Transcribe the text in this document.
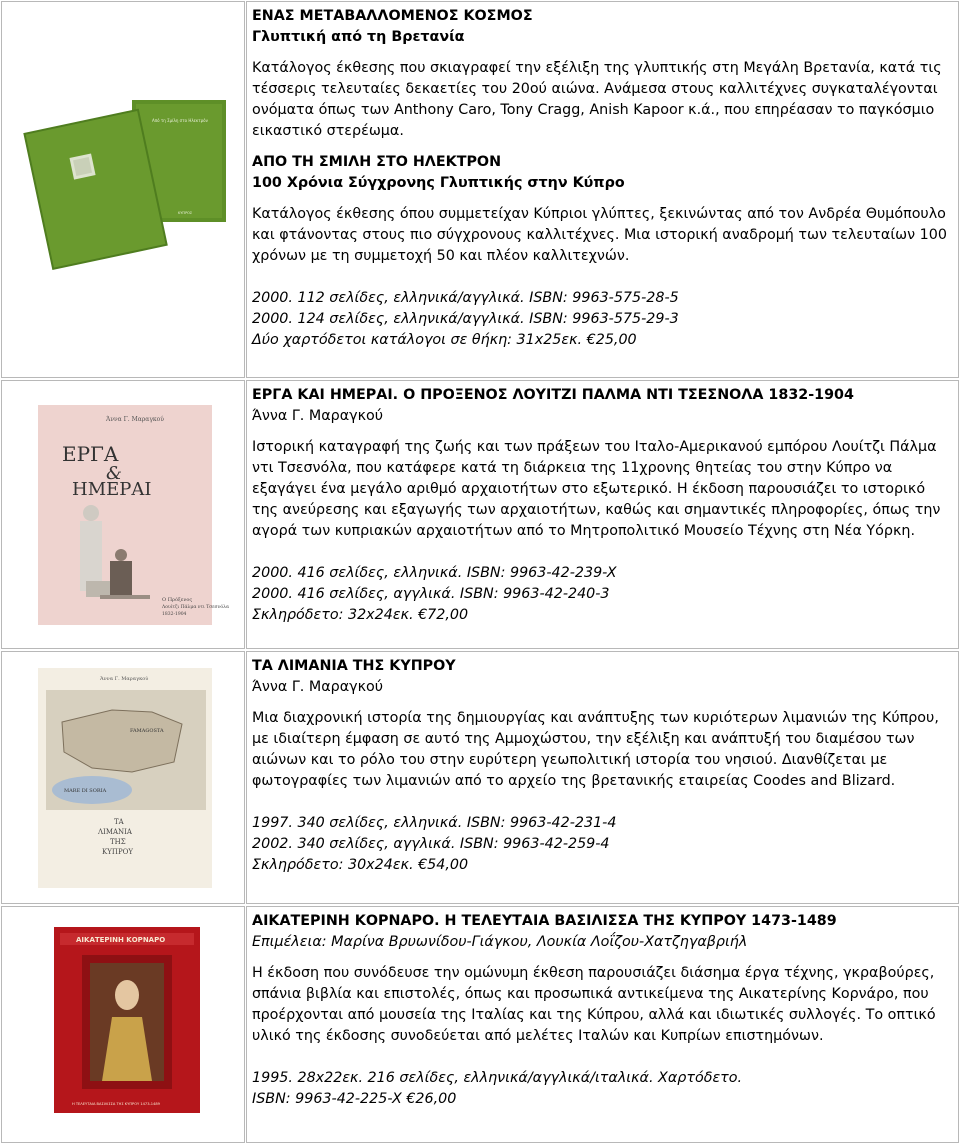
Από τη Σμίλη στο Ηλεκτρόν
ΚΥΠΡΟΣ
ΕΝΑΣ ΜΕΤΑΒΑΛΛΟΜΕΝΟΣ ΚΟΣΜΟΣ
Γλυπτική από τη Βρετανία
Κατάλογος έκθεσης που σκιαγραφεί την εξέλιξη της γλυπτικής στη Μεγάλη Βρετανία, κατά τις τέσσερις τελευταίες δεκαετίες του 20ού αιώνα. Ανάμεσα στους καλλιτέχνες συγκαταλέγονται ονόματα όπως των Anthony Caro, Tony Cragg, Anish Kapoor κ.ά., που επηρέασαν το παγκόσμιο εικαστικό στερέωμα.
ΑΠΟ ΤΗ ΣΜΙΛΗ ΣΤΟ ΗΛΕΚΤΡΟΝ
100 Χρόνια Σύγχρονης Γλυπτικής στην Κύπρο
Κατάλογος έκθεσης όπου συμμετείχαν Κύπριοι γλύπτες, ξεκινώντας από τον Ανδρέα Θυμόπουλο και φτάνοντας στους πιο σύγχρονους καλλιτέχνες. Μια ιστορική αναδρομή των τελευταίων 100 χρόνων με τη συμμετοχή 50 και πλέον καλλιτεχνών.
2000. 112 σελίδες, ελληνικά/αγγλικά. ISBN: 9963-575-28-5
2000. 124 σελίδες, ελληνικά/αγγλικά. ISBN: 9963-575-29-3
Δύο χαρτόδετοι κατάλογοι σε θήκη: 31x25εκ. €25,00
Άννα Γ. Μαραγκού
ΕΡΓΑ
&
ΗΜΕΡΑΙ
Ο Πρόξενος
Λουίτζι Πάλμα ντι Τσεσνόλα
1832-1904
ΕΡΓΑ ΚΑΙ ΗΜΕΡΑΙ. Ο ΠΡΟΞΕΝΟΣ ΛΟΥΙΤΖΙ ΠΑΛΜΑ ΝΤΙ ΤΣΕΣΝΟΛΑ 1832-1904
Άννα Γ. Μαραγκού
Ιστορική καταγραφή της ζωής και των πράξεων του Ιταλο-Αμερικανού εμπόρου Λουίτζι Πάλμα ντι Τσεσνόλα, που κατάφερε κατά τη διάρκεια της 11χρονης θητείας του στην Κύπρο να εξαγάγει ένα μεγάλο αριθμό αρχαιοτήτων στο εξωτερικό. Η έκδοση παρουσιάζει το ιστορικό της ανεύρεσης και εξαγωγής των αρχαιοτήτων, καθώς και σημαντικές πληροφορίες, όπως την αγορά των κυπριακών αρχαιοτήτων από το Μητροπολιτικό Μουσείο Τέχνης στη Νέα Υόρκη.
2000. 416 σελίδες, ελληνικά. ISBN: 9963-42-239-X
2000. 416 σελίδες, αγγλικά. ISBN: 9963-42-240-3
Σκληρόδετο: 32x24εκ. €72,00
Άννα Γ. Μαραγκού
FAMAGOSTA
MARE DI SORIA
ΤΑ
ΛΙΜΑΝΙΑ
ΤΗΣ
ΚΥΠΡΟΥ
ΤΑ ΛΙΜΑΝΙΑ ΤΗΣ ΚΥΠΡΟΥ
Άννα Γ. Μαραγκού
Μια διαχρονική ιστορία της δημιουργίας και ανάπτυξης των κυριότερων λιμανιών της Κύπρου, με ιδιαίτερη έμφαση σε αυτό της Αμμοχώστου, την εξέλιξη και ανάπτυξή του διαμέσου των αιώνων και το ρόλο του στην ευρύτερη γεωπολιτική ιστορία του νησιού. Διανθίζεται με φωτογραφίες των λιμανιών από το αρχείο της βρετανικής εταιρείας Coodes and Blizard.
1997. 340 σελίδες, ελληνικά. ISBN: 9963-42-231-4
2002. 340 σελίδες, αγγλικά. ISBN: 9963-42-259-4
Σκληρόδετο: 30x24εκ. €54,00
ΑΙΚΑΤΕΡΙΝΗ ΚΟΡΝΑΡΟ
Η ΤΕΛΕΥΤΑΙΑ ΒΑΣΙΛΙΣΣΑ ΤΗΣ ΚΥΠΡΟΥ 1473-1489
ΑΙΚΑΤΕΡΙΝΗ ΚΟΡΝΑΡΟ. Η ΤΕΛΕΥΤΑΙΑ ΒΑΣΙΛΙΣΣΑ ΤΗΣ ΚΥΠΡΟΥ 1473-1489
Επιμέλεια: Μαρίνα Βρυωνίδου-Γιάγκου, Λουκία Λοΐζου-Χατζηγαβριήλ
Η έκδοση που συνόδευσε την ομώνυμη έκθεση παρουσιάζει διάσημα έργα τέχνης, γκραβούρες, σπάνια βιβλία και επιστολές, όπως και προσωπικά αντικείμενα της Αικατερίνης Κορνάρο, που προέρχονται από μουσεία της Ιταλίας και της Κύπρου, αλλά και ιδιωτικές συλλογές. Το οπτικό υλικό της έκδοσης συνοδεύεται από μελέτες Ιταλών και Κυπρίων επιστημόνων.
1995. 28x22εκ. 216 σελίδες, ελληνικά/αγγλικά/ιταλικά. Χαρτόδετο.
ISBN: 9963-42-225-X €26,00
